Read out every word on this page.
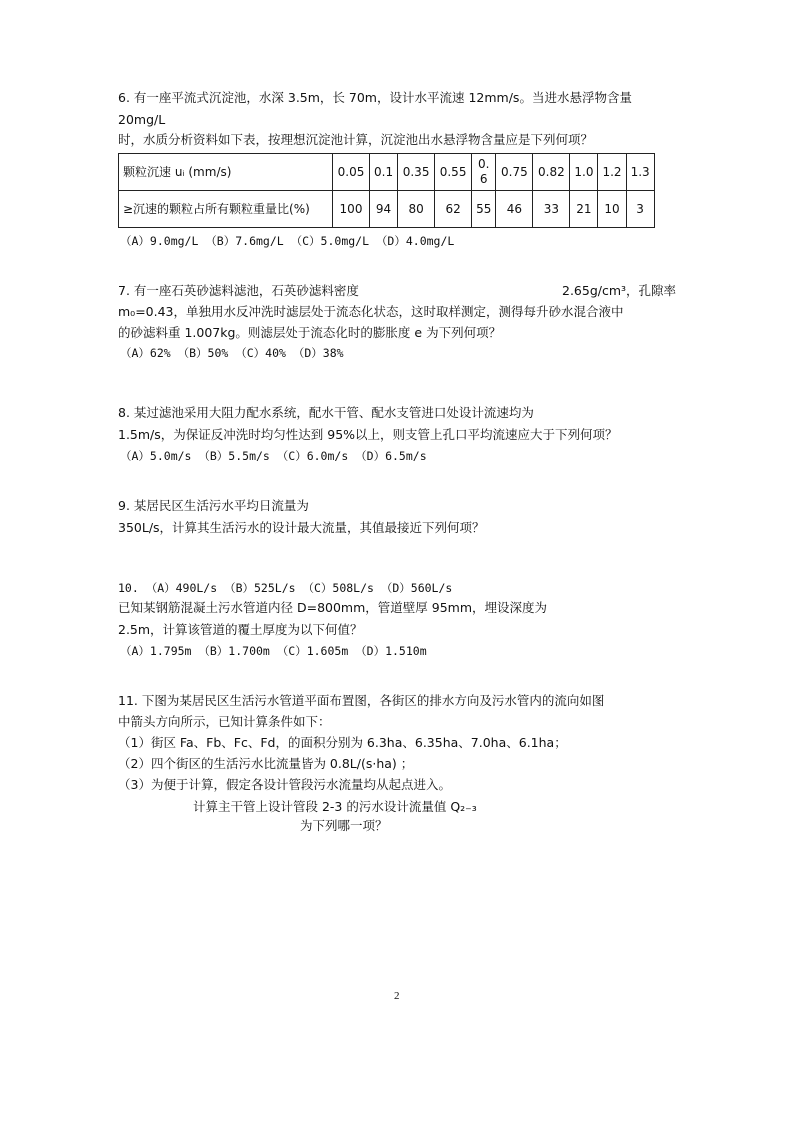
6. 有一座平流式沉淀池，水深 3.5m，长 70m，设计水平流速 12mm/s。当进水悬浮物含量
20mg/L
时，水质分析资料如下表，按理想沉淀池计算，沉淀池出水悬浮物含量应是下列何项？
颗粒沉速 uᵢ (mm/s)	0.05	0.1	0.35	0.55	0.6	0.75	0.82	1.0	1.2	1.3
≥沉速的颗粒占所有颗粒重量比(%)	100	94	80	62	55	46	33	21	10	3
（A）9.0mg/L （B）7.6mg/L （C）5.0mg/L （D）4.0mg/L
7. 有一座石英砂滤料滤池，石英砂滤料密度	2.65g/cm³，孔隙率
m₀=0.43，单独用水反冲洗时滤层处于流态化状态，这时取样测定，测得每升砂水混合液中
的砂滤料重 1.007kg。则滤层处于流态化时的膨胀度 e 为下列何项？
（A）62% （B）50% （C）40% （D）38%
8. 某过滤池采用大阻力配水系统，配水干管、配水支管进口处设计流速均为
1.5m/s，为保证反冲洗时均匀性达到 95%以上，则支管上孔口平均流速应大于下列何项？
（A）5.0m/s （B）5.5m/s （C）6.0m/s （D）6.5m/s
9. 某居民区生活污水平均日流量为
350L/s，计算其生活污水的设计最大流量，其值最接近下列何项？
10. （A）490L/s （B）525L/s （C）508L/s （D）560L/s
已知某钢筋混凝土污水管道内径 D=800mm，管道壁厚 95mm，埋设深度为
2.5m，计算该管道的覆土厚度为以下何值？
（A）1.795m （B）1.700m （C）1.605m （D）1.510m
11. 下图为某居民区生活污水管道平面布置图，各街区的排水方向及污水管内的流向如图
中箭头方向所示，已知计算条件如下：
（1）街区 Fa、Fb、Fc、Fd，的面积分别为 6.3ha、6.35ha、7.0ha、6.1ha；
（2）四个街区的生活污水比流量皆为 0.8L/(s·ha) ；
（3）为便于计算，假定各设计管段污水流量均从起点进入。
计算主干管上设计管段 2-3 的污水设计流量值 Q₂₋₃
为下列哪一项？
2
